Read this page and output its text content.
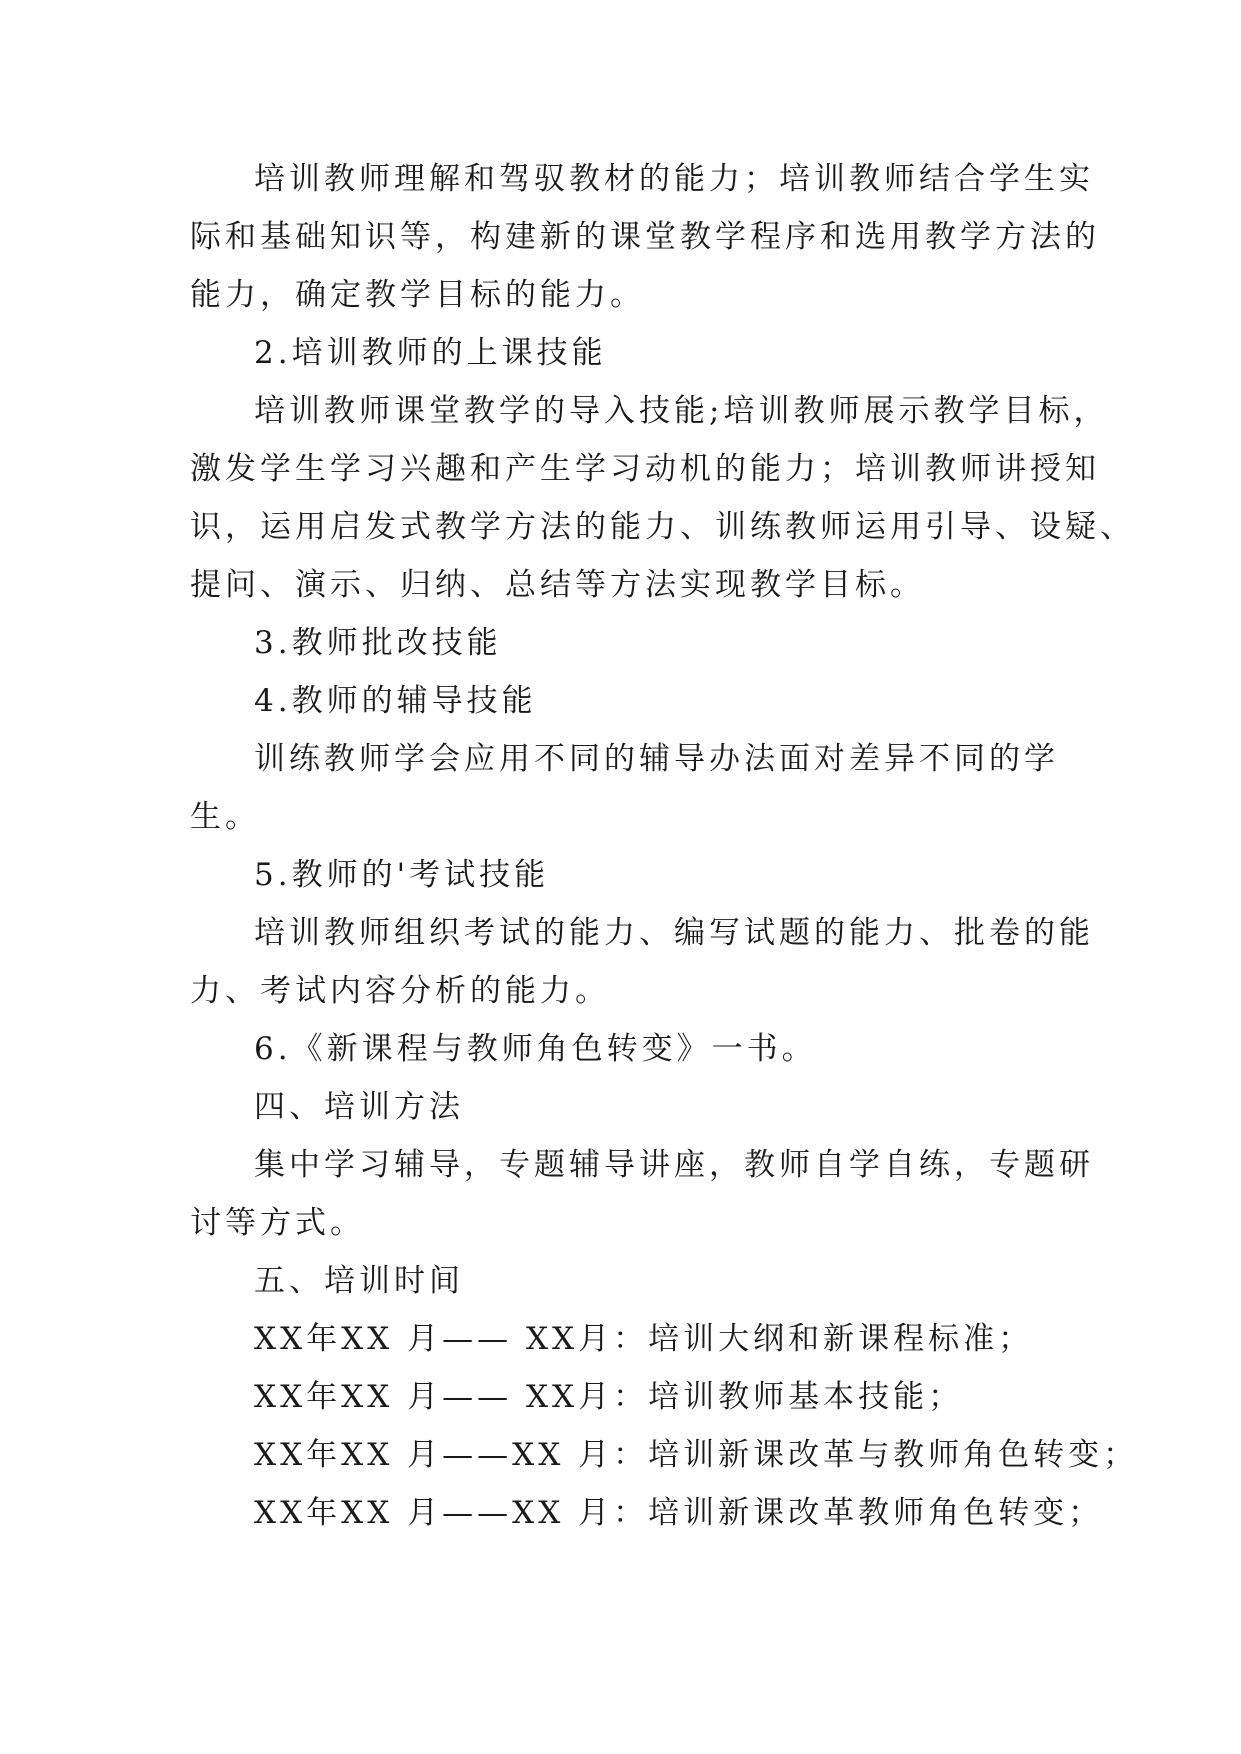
培训教师理解和驾驭教材的能力；培训教师结合学生实
际和基础知识等，构建新的课堂教学程序和选用教学方法的
能力，确定教学目标的能力。

2.培训教师的上课技能

培训教师课堂教学的导入技能;培训教师展示教学目标，
激发学生学习兴趣和产生学习动机的能力；培训教师讲授知
识，运用启发式教学方法的能力、训练教师运用引导、设疑、
提问、演示、归纳、总结等方法实现教学目标。

3.教师批改技能

4.教师的辅导技能

训练教师学会应用不同的辅导办法面对差异不同的学
生。

5.教师的'考试技能

培训教师组织考试的能力、编写试题的能力、批卷的能
力、考试内容分析的能力。

6.《新课程与教师角色转变》一书。

四、培训方法

集中学习辅导，专题辅导讲座，教师自学自练，专题研
讨等方式。

五、培训时间

XX年XX 月—— XX月：培训大纲和新课程标准；

XX年XX 月—— XX月：培训教师基本技能；

XX年XX 月——XX 月：培训新课改革与教师角色转变；

XX年XX 月——XX 月：培训新课改革教师角色转变；
